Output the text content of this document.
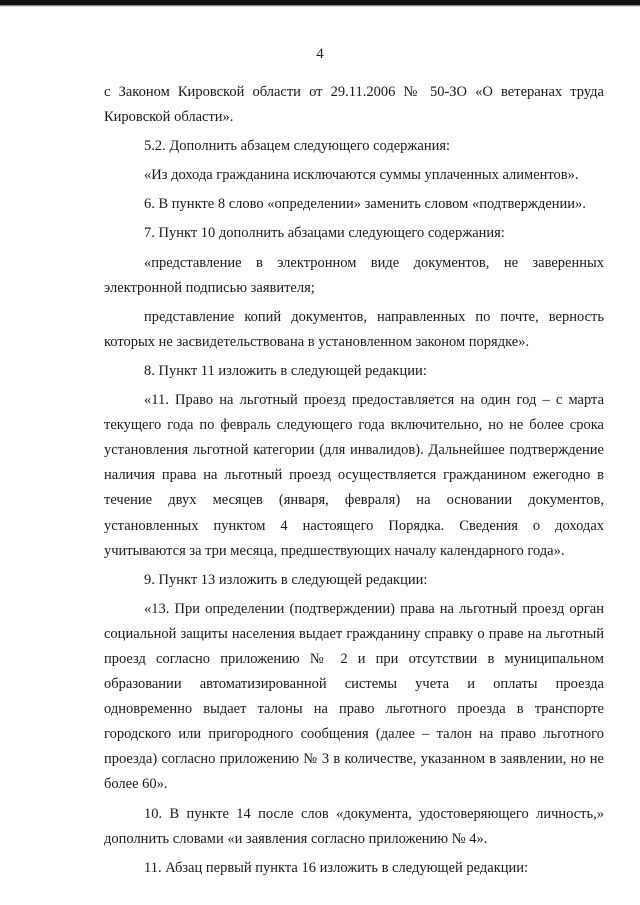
4

с Законом Кировской области от 29.11.2006 № 50-ЗО «О ветеранах труда Кировской области».

5.2. Дополнить абзацем следующего содержания:

«Из дохода гражданина исключаются суммы уплаченных алиментов».

6. В пункте 8 слово «определении» заменить словом «подтверждении».

7. Пункт 10 дополнить абзацами следующего содержания:

«представление в электронном виде документов, не заверенных электронной подписью заявителя;

представление копий документов, направленных по почте, верность которых не засвидетельствована в установленном законом порядке».

8. Пункт 11 изложить в следующей редакции:

«11. Право на льготный проезд предоставляется на один год – с марта текущего года по февраль следующего года включительно, но не более срока установления льготной категории (для инвалидов). Дальнейшее подтверждение наличия права на льготный проезд осуществляется гражданином ежегодно в течение двух месяцев (января, февраля) на основании документов, установленных пунктом 4 настоящего Порядка. Сведения о доходах учитываются за три месяца, предшествующих началу календарного года».

9. Пункт 13 изложить в следующей редакции:

«13. При определении (подтверждении) права на льготный проезд орган социальной защиты населения выдает гражданину справку о праве на льготный проезд согласно приложению № 2 и при отсутствии в муниципальном образовании автоматизированной системы учета и оплаты проезда одновременно выдает талоны на право льготного проезда в транспорте городского или пригородного сообщения (далее – талон на право льготного проезда) согласно приложению № 3 в количестве, указанном в заявлении, но не более 60».

10. В пункте 14 после слов «документа, удостоверяющего личность,» дополнить словами «и заявления согласно приложению № 4».

11. Абзац первый пункта 16 изложить в следующей редакции:
